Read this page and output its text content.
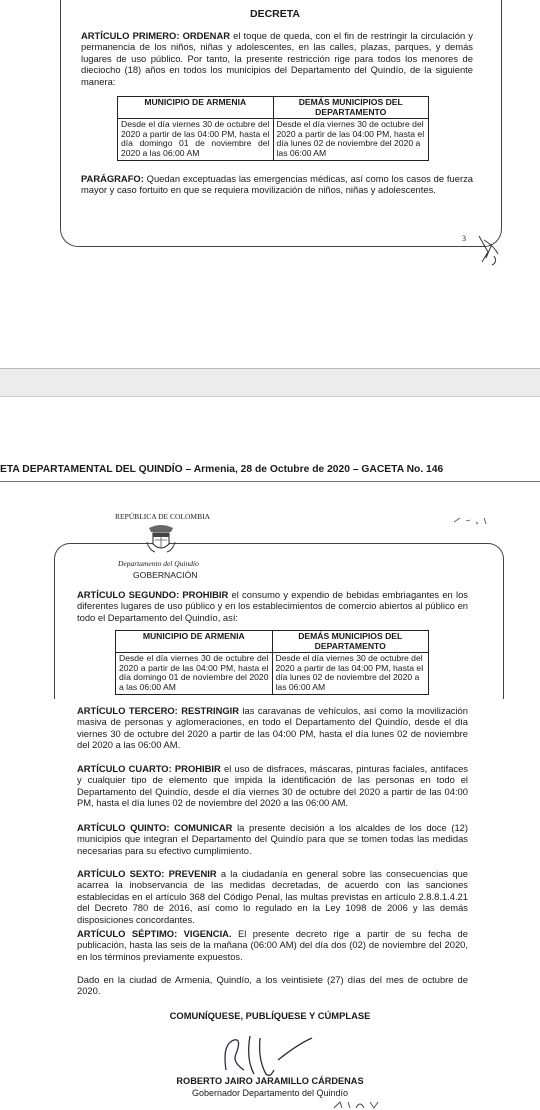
DECRETA

ARTÍCULO PRIMERO: ORDENAR el toque de queda, con el fin de restringir la circulación y permanencia de los niños, niñas y adolescentes, en las calles, plazas, parques, y demás lugares de uso público. Por tanto, la presente restricción rige para todos los menores de dieciocho (18) años en todos los municipios del Departamento del Quindío, de la siguiente manera:

MUNICIPIO DE ARMENIA	DEMÁS MUNICIPIOS DEL DEPARTAMENTO
Desde el día viernes 30 de octubre del 2020 a partir de las 04:00 PM, hasta el día domingo 01 de noviembre del 2020 a las 06:00 AM	Desde el día viernes 30 de octubre del 2020 a partir de las 04:00 PM, hasta el día lunes 02 de noviembre del 2020 a las 06:00 AM

PARÁGRAFO: Quedan exceptuadas las emergencias médicas, así como los casos de fuerza mayor y caso fortuito en que se requiera movilización de niños, niñas y adolescentes.

3
ETA DEPARTAMENTAL DEL QUINDÍO – Armenia, 28 de Octubre de 2020 – GACETA No. 146
REPÚBLICA DE COLOMBIA
Departamento del Quindío
GOBERNACIÓN

ARTÍCULO SEGUNDO: PROHIBIR el consumo y expendio de bebidas embriagantes en los diferentes lugares de uso público y en los establecimientos de comercio abiertos al público en todo el Departamento del Quindío, así:

MUNICIPIO DE ARMENIA	DEMÁS MUNICIPIOS DEL DEPARTAMENTO
Desde el día viernes 30 de octubre del 2020 a partir de las 04:00 PM, hasta el día domingo 01 de noviembre del 2020 a las 06:00 AM	Desde el día viernes 30 de octubre del 2020 a partir de las 04:00 PM, hasta el día lunes 02 de noviembre del 2020 a las 06:00 AM

ARTÍCULO TERCERO: RESTRINGIR las caravanas de vehículos, así como la movilización masiva de personas y aglomeraciones, en todo el Departamento del Quindío, desde el día viernes 30 de octubre del 2020 a partir de las 04:00 PM, hasta el día lunes 02 de noviembre del 2020 a las 06:00 AM.

ARTÍCULO CUARTO: PROHIBIR el uso de disfraces, máscaras, pinturas faciales, antifaces y cualquier tipo de elemento que impida la identificación de las personas en todo el Departamento del Quindío, desde el día viernes 30 de octubre del 2020 a partir de las 04:00 PM, hasta el día lunes 02 de noviembre del 2020 a las 06:00 AM.

ARTÍCULO QUINTO: COMUNICAR la presente decisión a los alcaldes de los doce (12) municipios que integran el Departamento del Quindío para que se tomen todas las medidas necesarias para su efectivo cumplimiento.

ARTÍCULO SEXTO: PREVENIR a la ciudadanía en general sobre las consecuencias que acarrea la inobservancia de las medidas decretadas, de acuerdo con las sanciones establecidas en el artículo 368 del Código Penal, las multas previstas en artículo 2.8.8.1.4.21 del Decreto 780 de 2016, así como lo regulado en la Ley 1098 de 2006 y las demás disposiciones concordantes.

ARTÍCULO SÉPTIMO: VIGENCIA. El presente decreto rige a partir de su fecha de publicación, hasta las seis de la mañana (06:00 AM) del día dos (02) de noviembre del 2020, en los términos previamente expuestos.

Dado en la ciudad de Armenia, Quindío, a los veintisiete (27) días del mes de octubre de 2020.

COMUNÍQUESE, PUBLÍQUESE Y CÚMPLASE
ROBERTO JAIRO JARAMILLO CÁRDENAS
Gobernador Departamento del Quindío
